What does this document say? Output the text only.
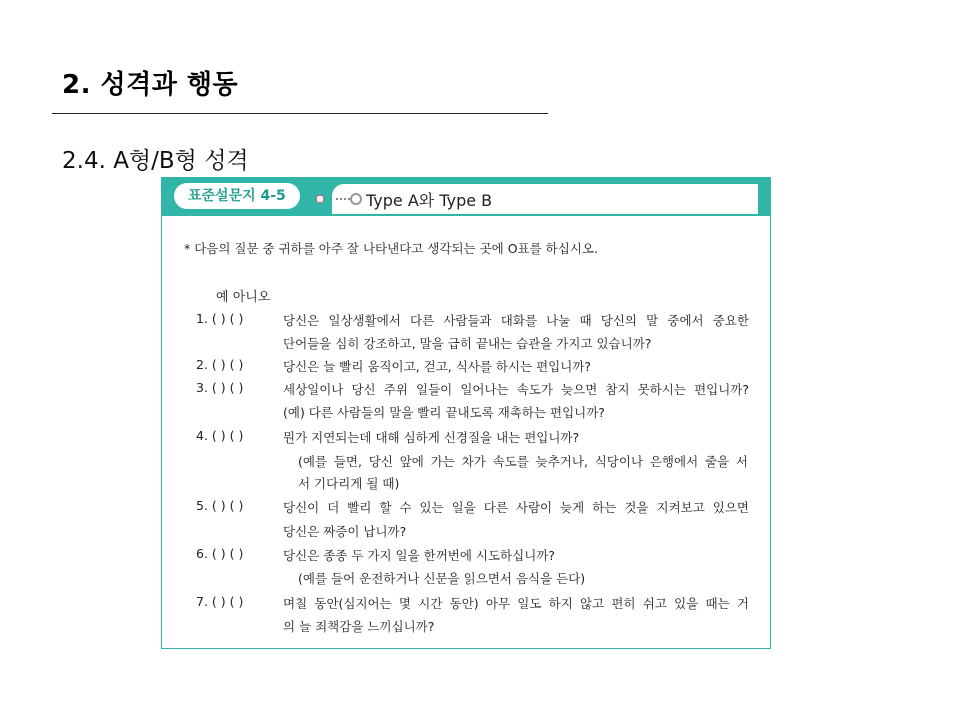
2. 성격과 행동
2.4. A형/B형 성격
표준설문지 4-5	Type A와 Type B
* 다음의 질문 중 귀하를 아주 잘 나타낸다고 생각되는 곳에 O표를 하십시오.
예 아니오
1. ( ) ( )	당신은 일상생활에서 다른 사람들과 대화를 나눌 때 당신의 말 중에서 중요한
단어들을 심히 강조하고, 말을 급히 끝내는 습관을 가지고 있습니까?
2. ( ) ( )	당신은 늘 빨리 움직이고, 걷고, 식사를 하시는 편입니까?
3. ( ) ( )	세상일이나 당신 주위 일들이 일어나는 속도가 늦으면 참지 못하시는 편입니까?
(예) 다른 사람들의 말을 빨리 끝내도록 재촉하는 편입니까?
4. ( ) ( )	뭔가 지연되는데 대해 심하게 신경질을 내는 편입니까?
(예를 들면, 당신 앞에 가는 차가 속도를 늦추거나, 식당이나 은행에서 줄을 서
서 기다리게 될 때)
5. ( ) ( )	당신이 더 빨리 할 수 있는 일을 다른 사람이 늦게 하는 것을 지켜보고 있으면
당신은 짜증이 납니까?
6. ( ) ( )	당신은 종종 두 가지 일을 한꺼번에 시도하십니까?
(예를 들어 운전하거나 신문을 읽으면서 음식을 든다)
7. ( ) ( )	며칠 동안(심지어는 몇 시간 동안) 아무 일도 하지 않고 편히 쉬고 있을 때는 거
의 늘 죄책감을 느끼십니까?
